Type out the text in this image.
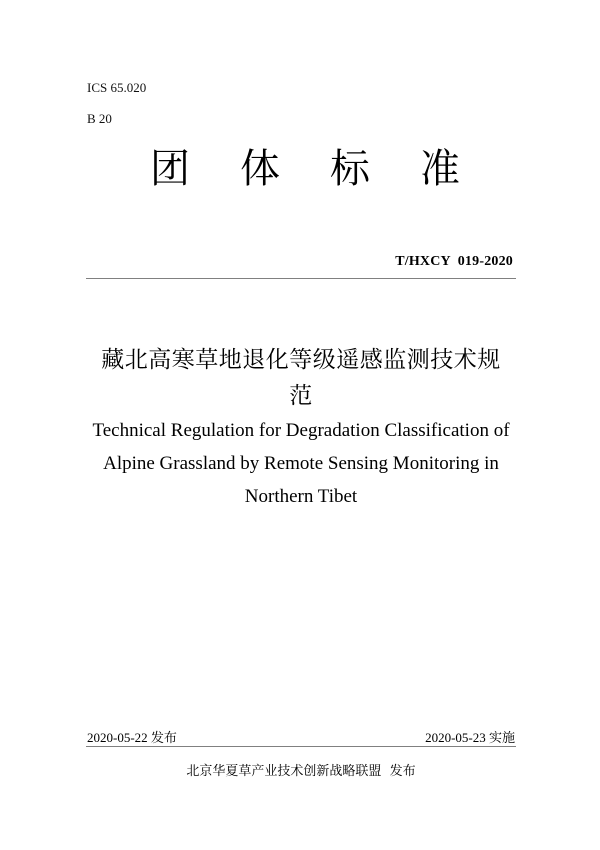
ICS 65.020
B 20
团 体 标 准
T/HXCY  019-2020
藏北高寒草地退化等级遥感监测技术规
范
Technical Regulation for Degradation Classification of
Alpine Grassland by Remote Sensing Monitoring in
Northern Tibet
2020-05-22 发布	2020-05-23 实施
北京华夏草产业技术创新战略联盟  发布
